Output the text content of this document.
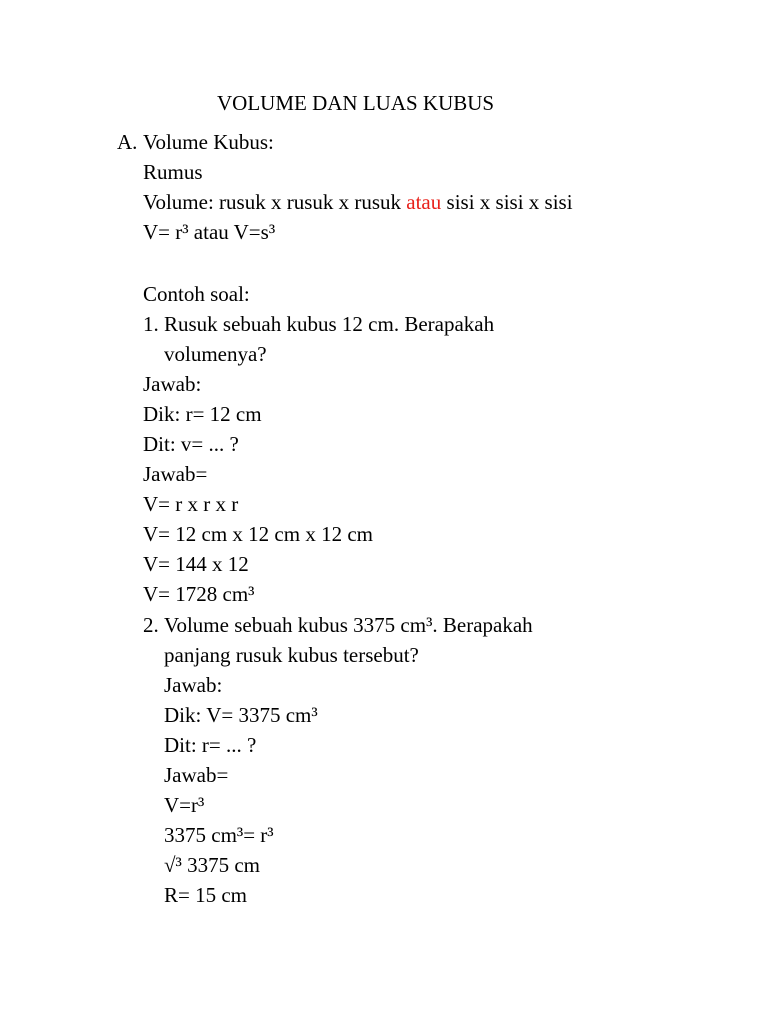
VOLUME DAN LUAS KUBUS
A. Volume Kubus:
Rumus
Volume: rusuk x rusuk x rusuk atau sisi x sisi x sisi
V= r³ atau V=s³
Contoh soal:
1. Rusuk sebuah kubus 12 cm. Berapakah
volumenya?
Jawab:
Dik: r= 12 cm
Dit: v= ... ?
Jawab=
V= r x r x r
V= 12 cm x 12 cm x 12 cm
V= 144 x 12
V= 1728 cm³
2. Volume sebuah kubus 3375 cm³. Berapakah
panjang rusuk kubus tersebut?
Jawab:
Dik: V= 3375 cm³
Dit: r= ... ?
Jawab=
V=r³
3375 cm³= r³
√³ 3375 cm
R= 15 cm
